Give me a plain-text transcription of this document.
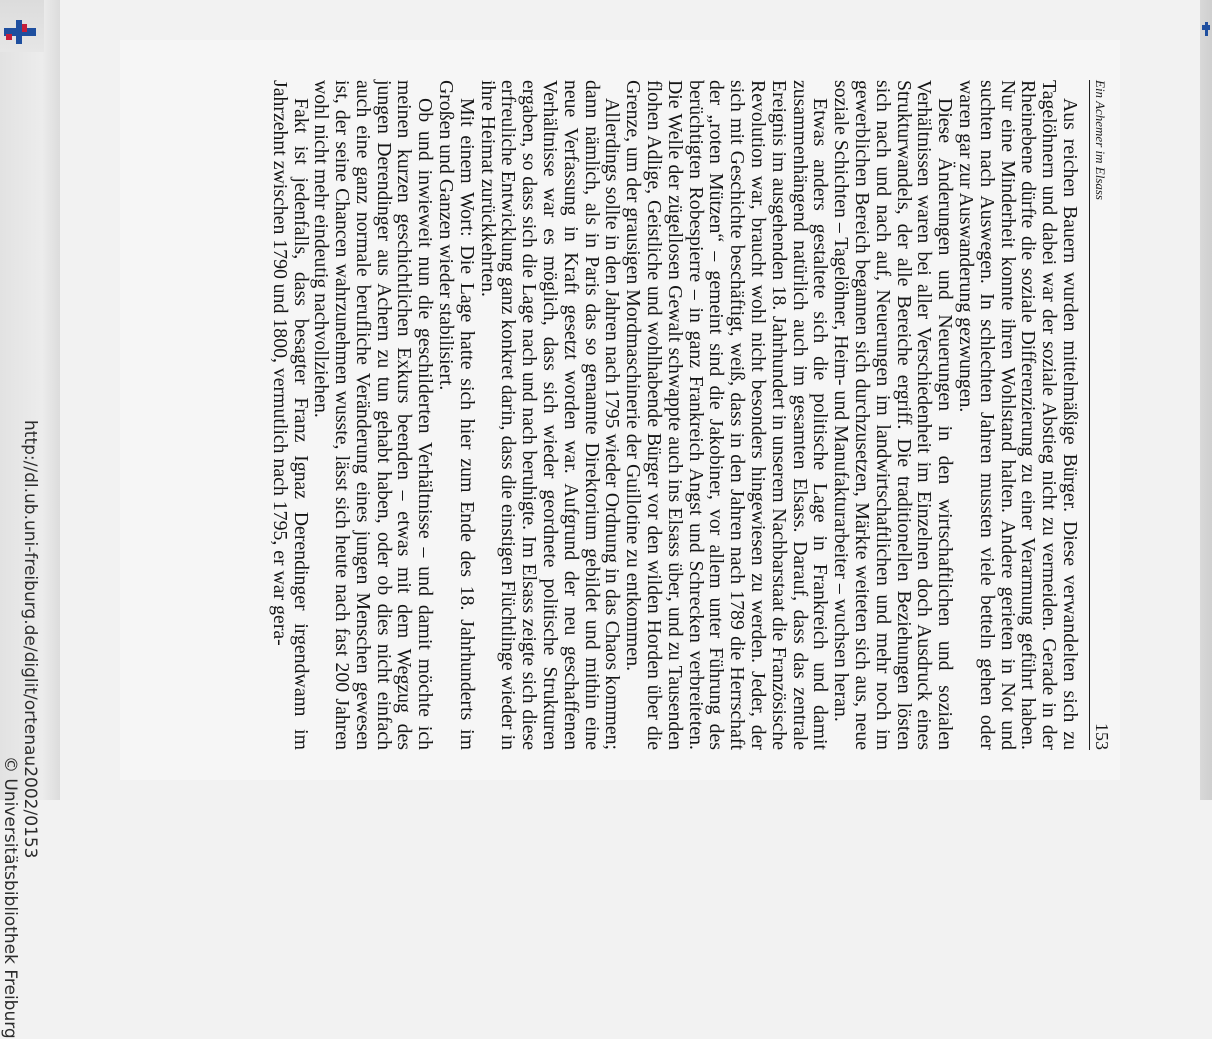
http://dl.ub.uni-freiburg.de/diglit/ortenau2002/0153
© Universitätsbibliothek Freiburg
Ein Achemer im Elsass
153

Aus reichen Bauern wurden mittelmäßige Bürger. Diese verwandelten sich zu Tagelöhnern und dabei war der soziale Abstieg nicht zu vermeiden. Gerade in der Rheinebene dürfte die soziale Differenzierung zu einer Verarmung geführt haben. Nur eine Minderheit konnte ihren Wohlstand halten. Andere gerieten in Not und suchten nach Auswegen. In schlechten Jahren mussten viele betteln gehen oder waren gar zur Auswanderung gezwungen.

Diese Änderungen und Neuerungen in den wirtschaftlichen und sozialen Verhältnissen waren bei aller Verschiedenheit im Einzelnen doch Ausdruck eines Strukturwandels, der alle Bereiche ergriff. Die traditionellen Beziehungen lösten sich nach und nach auf, Neuerungen im landwirtschaftlichen und mehr noch im gewerblichen Bereich begannen sich durchzusetzen, Märkte weiteten sich aus, neue soziale Schichten – Tagelöhner, Heim- und Manufakturarbeiter – wuchsen heran.

Etwas anders gestaltete sich die politische Lage in Frankreich und damit zusammenhängend natürlich auch im gesamten Elsass. Darauf, dass das zentrale Ereignis im ausgehenden 18. Jahrhundert in unserem Nachbarstaat die Französische Revolution war, braucht wohl nicht besonders hingewiesen zu werden. Jeder, der sich mit Geschichte beschäftigt, weiß, dass in den Jahren nach 1789 die Herrschaft der „roten Mützen“ – gemeint sind die Jakobiner, vor allem unter Führung des berüchtigten Robespierre – in ganz Frankreich Angst und Schrecken verbreiteten. Die Welle der zügellosen Gewalt schwappte auch ins Elsass über, und zu Tausenden flohen Adlige, Geistliche und wohlhabende Bürger vor den wilden Horden über die Grenze, um der grausigen Mordmaschinerie der Guillotine zu entkommen.

Allerdings sollte in den Jahren nach 1795 wieder Ordnung in das Chaos kommen; dann nämlich, als in Paris das so genannte Direktorium gebildet und mithin eine neue Verfassung in Kraft gesetzt worden war. Aufgrund der neu geschaffenen Verhältnisse war es möglich, dass sich wieder geordnete politische Strukturen ergaben, so dass sich die Lage nach und nach beruhigte. Im Elsass zeigte sich diese erfreuliche Entwicklung ganz konkret darin, dass die einstigen Flüchtlinge wieder in ihre Heimat zurückkehrten.

Mit einem Wort: Die Lage hatte sich hier zum Ende des 18. Jahrhunderts im Großen und Ganzen wieder stabilisiert.

Ob und inwieweit nun die geschilderten Verhältnisse – und damit möchte ich meinen kurzen geschichtlichen Exkurs beenden – etwas mit dem Wegzug des jungen Derendinger aus Achern zu tun gehabt haben, oder ob dies nicht einfach auch eine ganz normale berufliche Veränderung eines jungen Menschen gewesen ist, der seine Chancen wahrzunehmen wusste, lässt sich heute nach fast 200 Jahren wohl nicht mehr eindeutig nachvollziehen.

Fakt ist jedenfalls, dass besagter Franz Ignaz Derendinger irgendwann im Jahrzehnt zwischen 1790 und 1800, vermutlich nach 1795, er war gera-
